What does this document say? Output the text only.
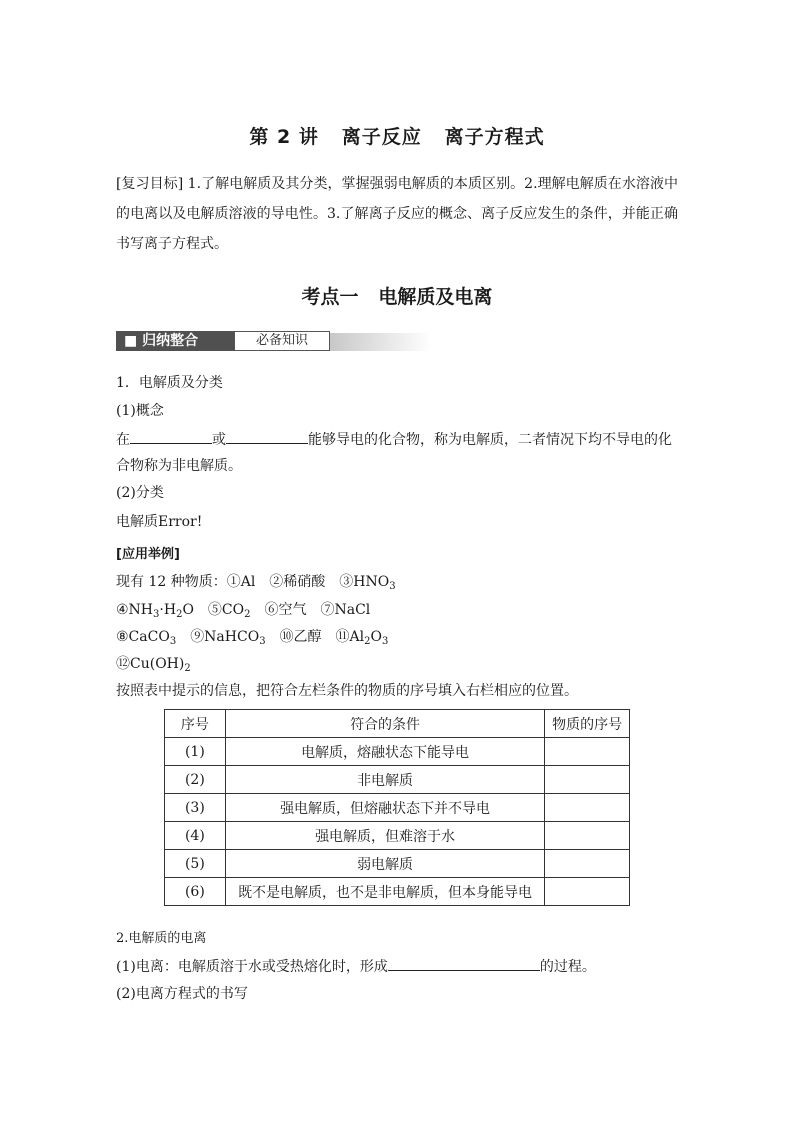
第 2 讲 离子反应 离子方程式
[复习目标] 1.了解电解质及其分类，掌握强弱电解质的本质区别。2.理解电解质在水溶液中的电离以及电解质溶液的导电性。3.了解离子反应的概念、离子反应发生的条件，并能正确书写离子方程式。
考点一 电解质及电离
■ 归纳整合	必备知识
1．电解质及分类
(1)概念
在	或	能够导电的化合物，称为电解质，二者情况下均不导电的化
合物称为非电解质。
(2)分类
电解质Error!
[应用举例]
现有 12 种物质：①Al　②稀硝酸　$③HNO_3$
$④NH_3\cdot H_2O$　$⑤CO_2$　 ⑥空气　⑦NaCl
⑧CaCO$_3$　 ⑨NaHCO$_3$　 ⑩乙醇　$⑪Al_2O_3$
$⑫Cu(OH)_2$
按照表中提示的信息，把符合左栏条件的物质的序号填入右栏相应的位置。
序号	符合的条件	物质的序号
(1)	电解质，熔融状态下能导电	
(2)	非电解质	
(3)	强电解质，但熔融状态下并不导电	
(4)	强电解质，但难溶于水	
(5)	弱电解质	
(6)	既不是电解质，也不是非电解质，但本身能导电	
2.电解质的电离
(1)电离：电解质溶于水或受热熔化时，形成	的过程。
(2)电离方程式的书写
